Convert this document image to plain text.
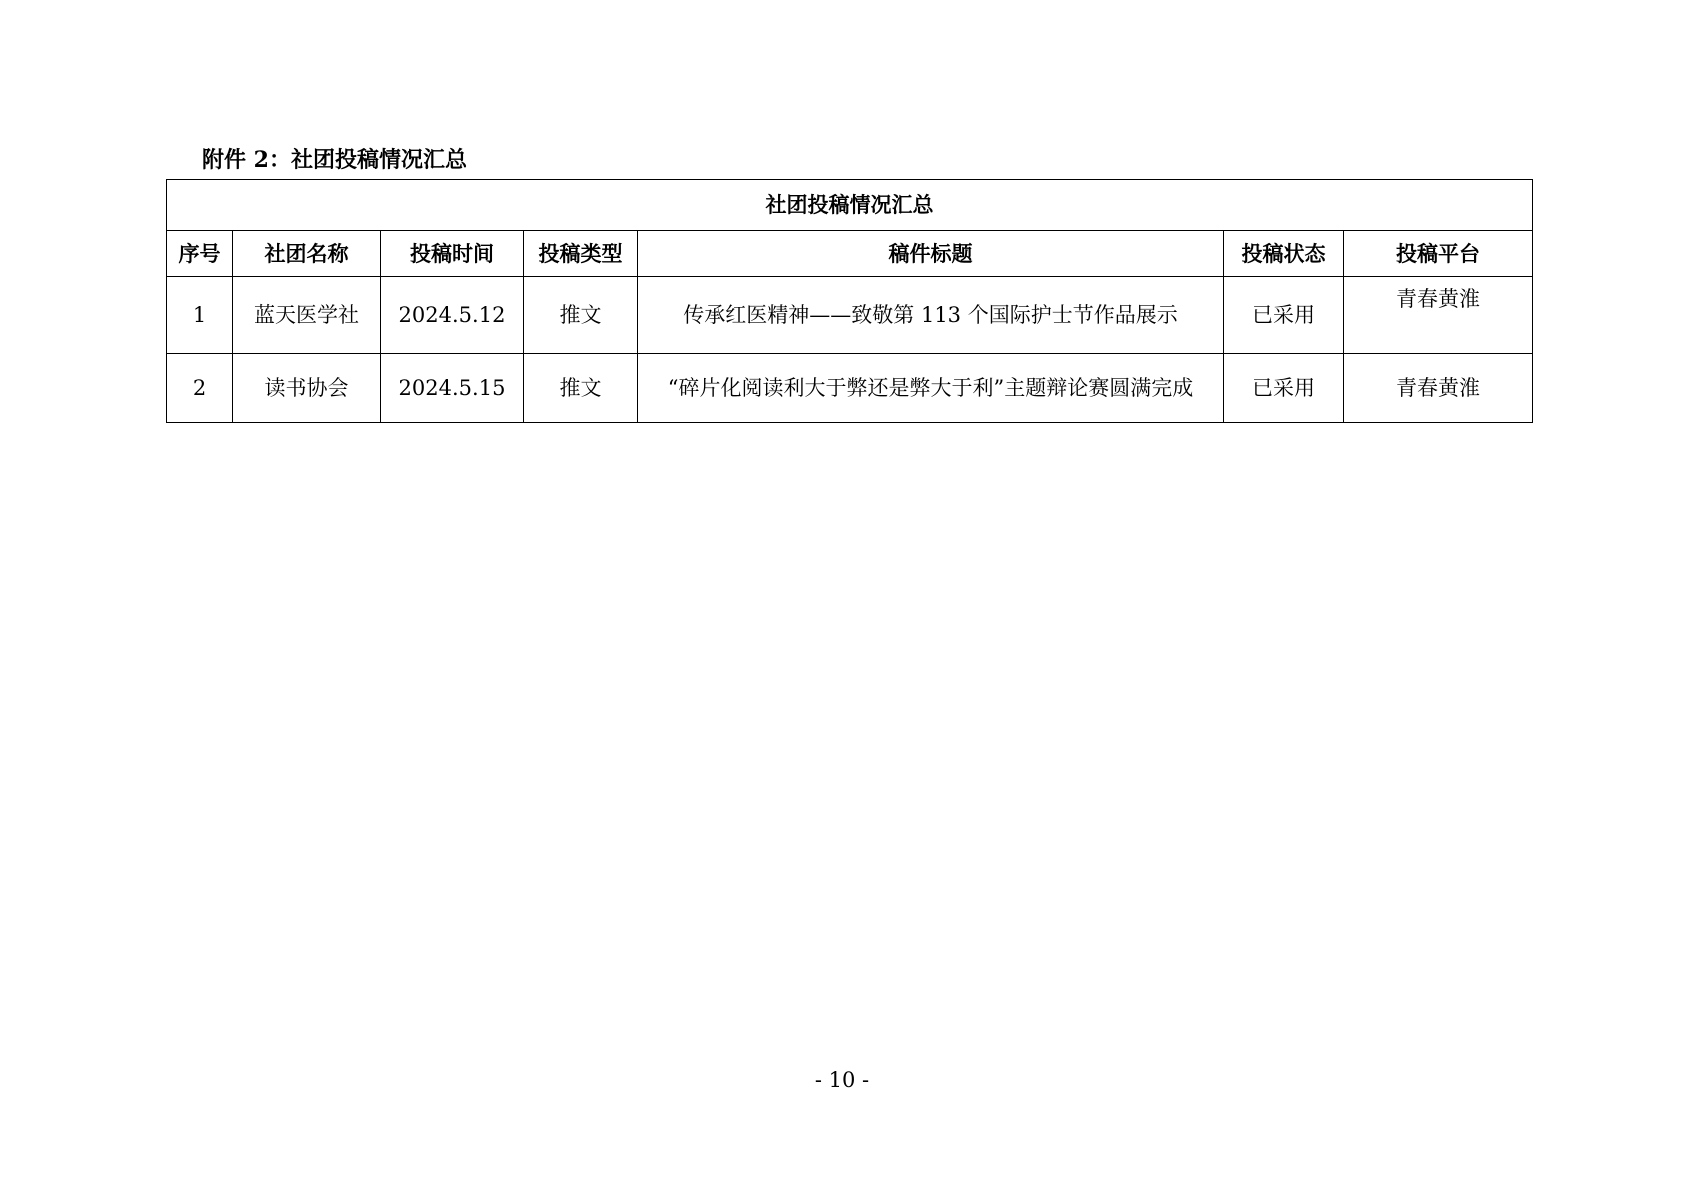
附件 2：社团投稿情况汇总
社团投稿情况汇总						
序号	社团名称	投稿时间	投稿类型	稿件标题	投稿状态	投稿平台
1	蓝天医学社	2024.5.12	推文	传承红医精神——致敬第 113 个国际护士节作品展示	已采用	青春黄淮
2	读书协会	2024.5.15	推文	“碎片化阅读利大于弊还是弊大于利”主题辩论赛圆满完成	已采用	青春黄淮
- 10 -
